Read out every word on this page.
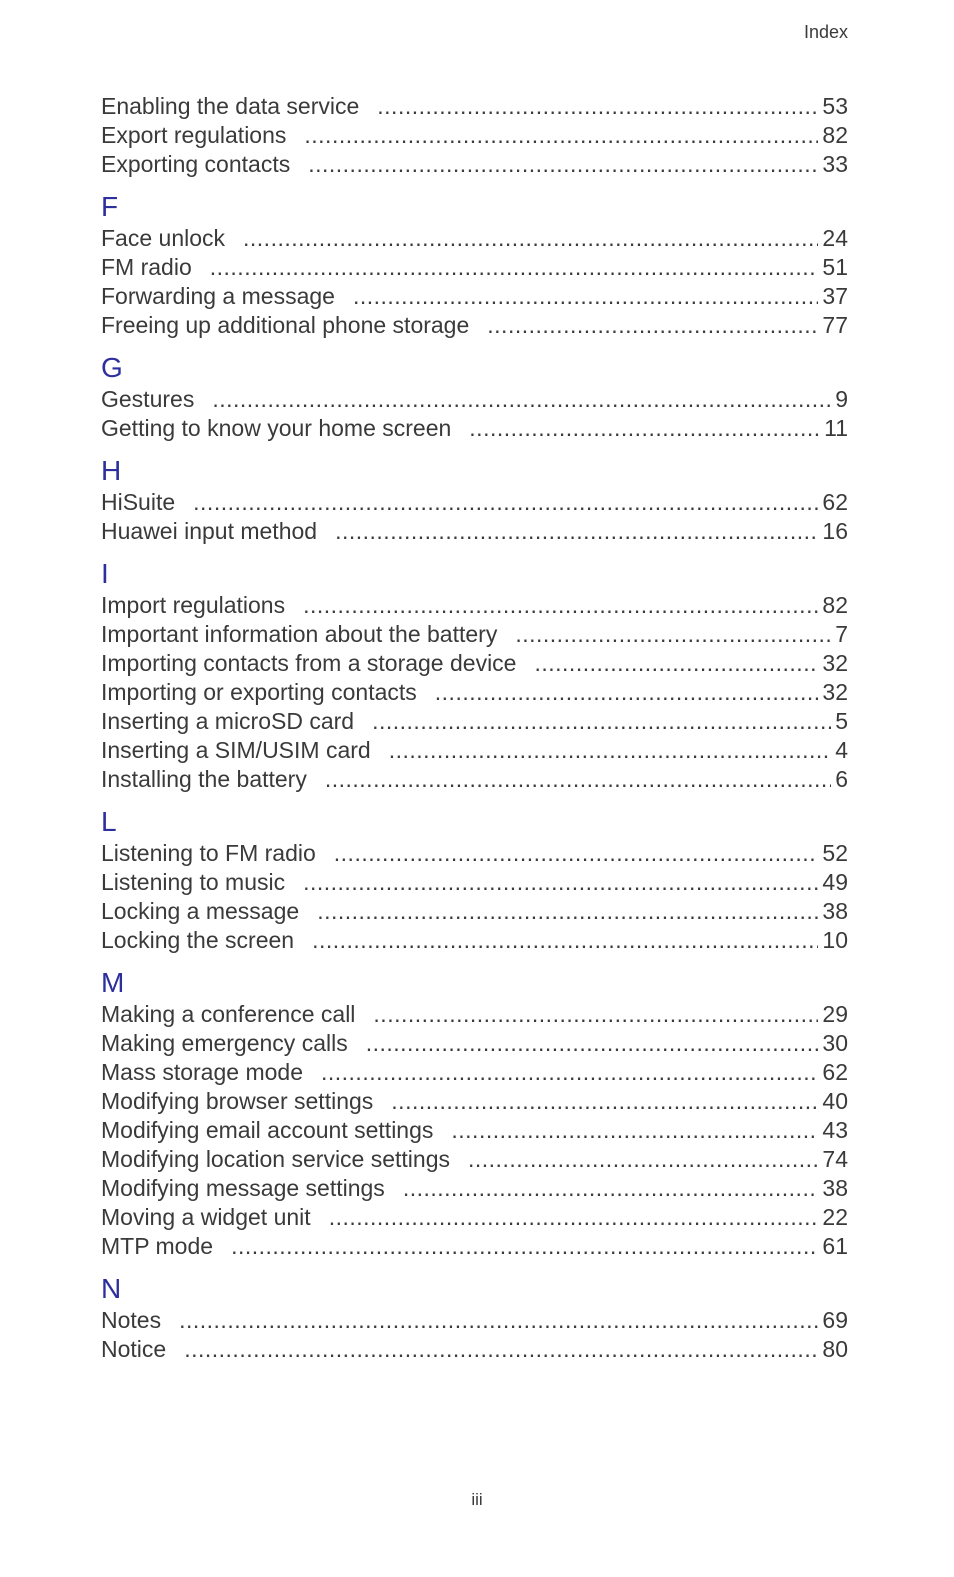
Index
Enabling the data service .....	53
Export regulations .....	82
Exporting contacts .....	33
F
Face unlock .....	24
FM radio .....	51
Forwarding a message .....	37
Freeing up additional phone storage .....	77
G
Gestures .....	9
Getting to know your home screen .....	11
H
HiSuite .....	62
Huawei input method .....	16
I
Import regulations .....	82
Important information about the battery .....	7
Importing contacts from a storage device .....	32
Importing or exporting contacts .....	32
Inserting a microSD card .....	5
Inserting a SIM/USIM card .....	4
Installing the battery .....	6
L
Listening to FM radio .....	52
Listening to music .....	49
Locking a message .....	38
Locking the screen .....	10
M
Making a conference call .....	29
Making emergency calls .....	30
Mass storage mode .....	62
Modifying browser settings .....	40
Modifying email account settings .....	43
Modifying location service settings .....	74
Modifying message settings .....	38
Moving a widget unit .....	22
MTP mode .....	61
N
Notes .....	69
Notice .....	80
iii
